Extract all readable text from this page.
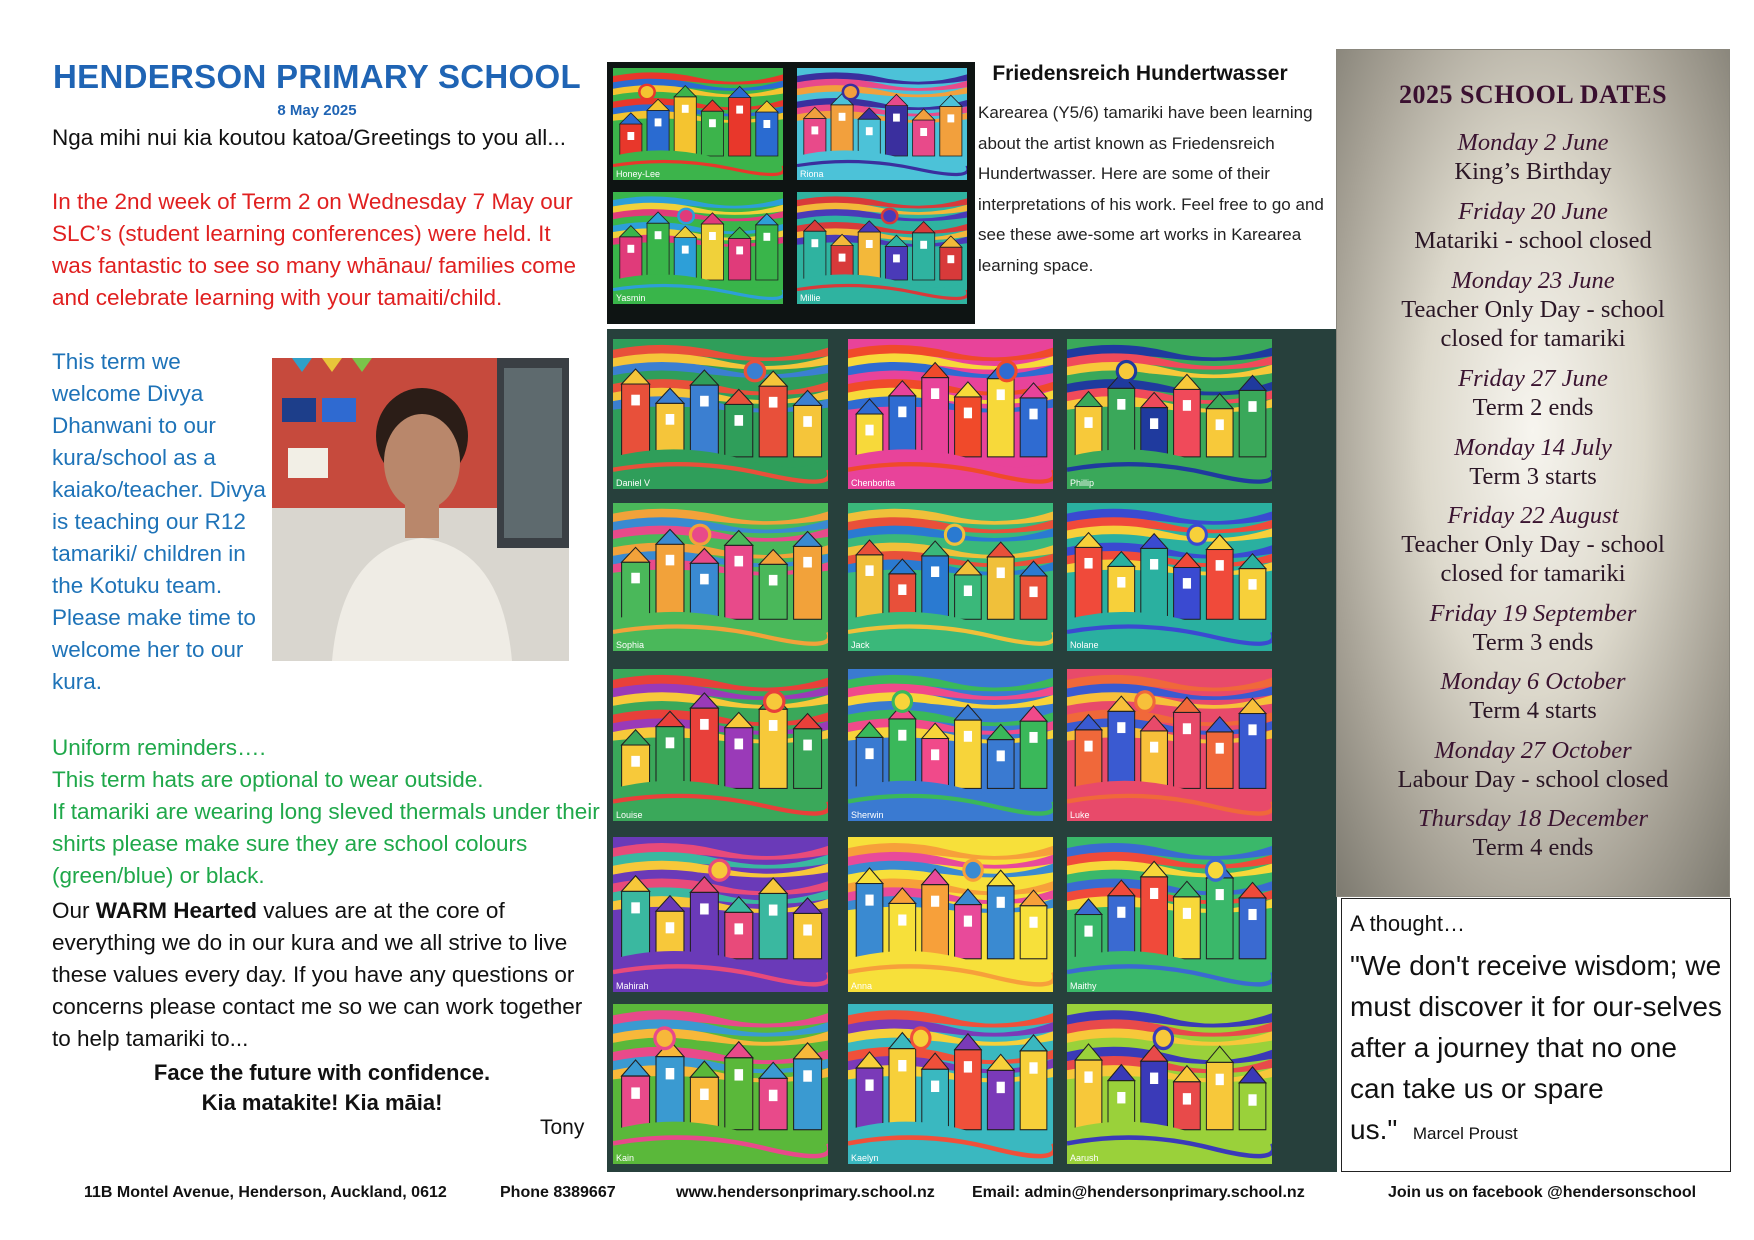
HENDERSON PRIMARY SCHOOL
8 May 2025
Nga mihi nui kia koutou katoa/Greetings to you all...
In the 2nd week of Term 2 on Wednesday 7 May our SLC’s (student learning conferences) were held. It was fantastic to see so many whānau/ families come and celebrate learning with your tamaiti/child.
This term we welcome Divya Dhanwani to our kura/school as a kaiako/teacher. Divya is teaching our R12 tamariki/ children in the Kotuku team. Please make time to welcome her to our kura.
Uniform reminders….
This term hats are optional to wear outside.
If tamariki are wearing long sleved thermals under their shirts please make sure they are school colours (green/blue) or black.
Our WARM Hearted values are at the core of everything we do in our kura and we all strive to live these values every day. If you have any questions or concerns please contact me so we can work together to help tamariki to...
Face the future with confidence.
Kia matakite! Kia māia!
Tony
Honey-Lee	Riona
Yasmin	Millie
Daniel V	Chenborita	Phillip
Sophia	Jack	Nolane
Louise	Sherwin	Luke
Mahirah	Anna	Maithy
Kain	Kaelyn	Aarush
Friedensreich Hundertwasser
Karearea (Y5/6) tamariki have been learning about the artist known as Friedensreich Hundertwasser. Here are some of their interpretations of his work. Feel free to go and see these awe-some art works in Karearea learning space.
2025 SCHOOL DATES
Monday 2 June
King’s Birthday
Friday 20 June
Matariki - school closed
Monday 23 June
Teacher Only Day - school closed for tamariki
Friday 27 June
Term 2 ends
Monday 14 July
Term 3 starts
Friday 22 August
Teacher Only Day - school closed for tamariki
Friday 19 September
Term 3 ends
Monday 6 October
Term 4 starts
Monday 27 October
Labour Day - school closed
Thursday 18 December
Term 4 ends
A thought…
"We don't receive wisdom; we must discover it for our-selves after a journey that no one can take us or spare us." Marcel Proust
11B Montel Avenue, Henderson, Auckland, 0612	Phone 8389667	www.hendersonprimary.school.nz Email: admin@hendersonprimary.school.nz	Join us on facebook @hendersonschool
